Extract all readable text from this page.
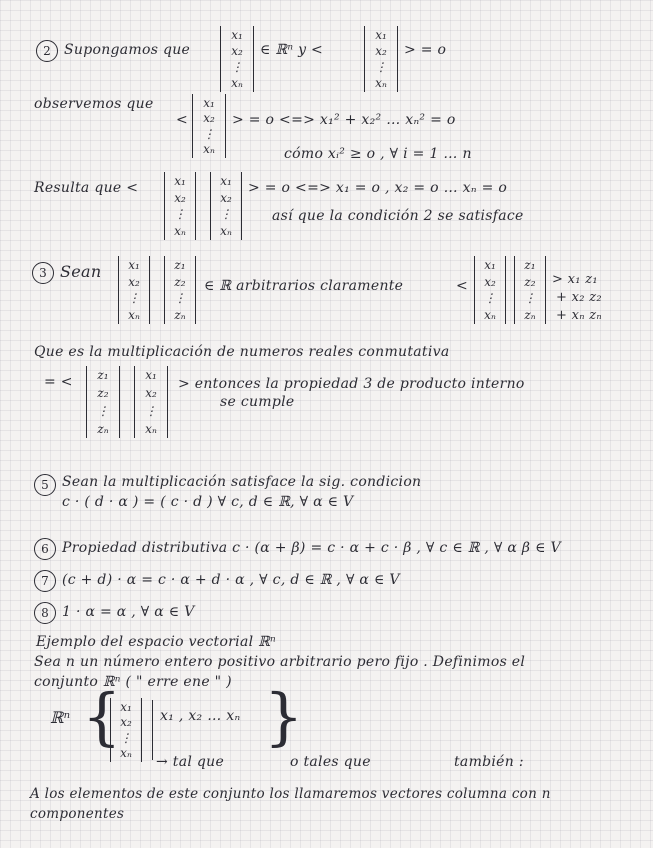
2 Supongamos que
x₁
x₂
⋮
xₙ
∈ ℝⁿ y <
x₁
x₂
⋮
xₙ
> = o
observemos que
<
x₁
x₂
⋮
xₙ
> = o <=> x₁² + x₂² … xₙ² = o
cómo xᵢ² ≥ o , ∀ i = 1 … n
Resulta que <	x₁
x₂
⋮
xₙ
x₁
x₂
⋮
xₙ
> = o <=> x₁ = o , x₂ = o … xₙ = o
así que la condición 2 se satisface
3 Sean x₁
x₂
⋮
xₙ
z₁
z₂
⋮
zₙ
∈ ℝ arbitrarios claramente	<
x₁
x₂
⋮
xₙ
z₁
z₂
⋮
zₙ
> x₁ z₁
+ x₂ z₂
+ xₙ zₙ
Que es la multiplicación de numeros reales conmutativa
= < z₁
z₂
⋮
zₙ
x₁
x₂
⋮
xₙ
> entonces la propiedad 3 de producto interno
se cumple
5 Sean la multiplicación satisface la sig. condicion
c · ( d · α ) = ( c · d ) ∀ c, d ∈ ℝ, ∀ α ∈ V
6 Propiedad distributiva c · (α + β) = c · α + c · β , ∀ c ∈ ℝ , ∀ α β ∈ V
7 (c + d) · α = c · α + d · α , ∀ c, d ∈ ℝ , ∀ α ∈ V
8 1 · α = α , ∀ α ∈ V
Ejemplo del espacio vectorial ℝⁿ
Sea n un número entero positivo arbitrario pero fijo . Definimos el
conjunto ℝⁿ ( " erre ene " )
ℝⁿ {
x₁
x₂
⋮
xₙ
x₁ , x₂ … xₙ }
→ tal que	o tales que	también :
A los elementos de este conjunto los llamaremos vectores columna con n
componentes
